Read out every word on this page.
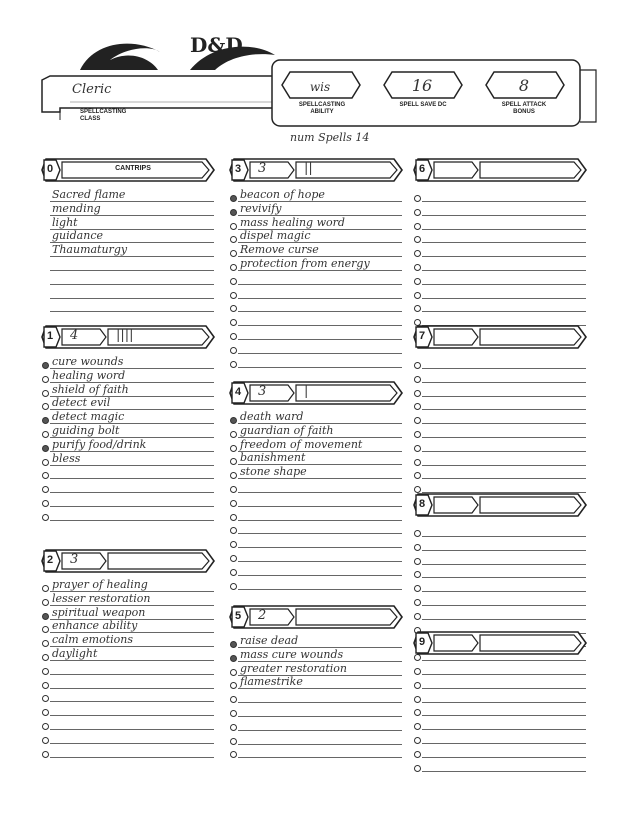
D&D
Cleric
SPELLCASTING CLASS
wis
SPELLCASTING
ABILITY
16
SPELL SAVE DC
8
SPELL ATTACK
BONUS
num Spells 14
0	CANTRIPS
Sacred flame
mending
light
guidance
Thaumaturgy
1 4	||||
cure wounds
healing word
shield of faith
detect evil
detect magic
guiding bolt
purify food/drink
bless
2 3
prayer of healing
lesser restoration
spiritual weapon
enhance ability
calm emotions
daylight
3 3	||
beacon of hope
revivify
mass healing word
dispel magic
Remove curse
protection from energy
4 3	|
death ward
guardian of faith
freedom of movement
banishment
stone shape
5 2
raise dead
mass cure wounds
greater restoration
flamestrike
6
7
8
9
